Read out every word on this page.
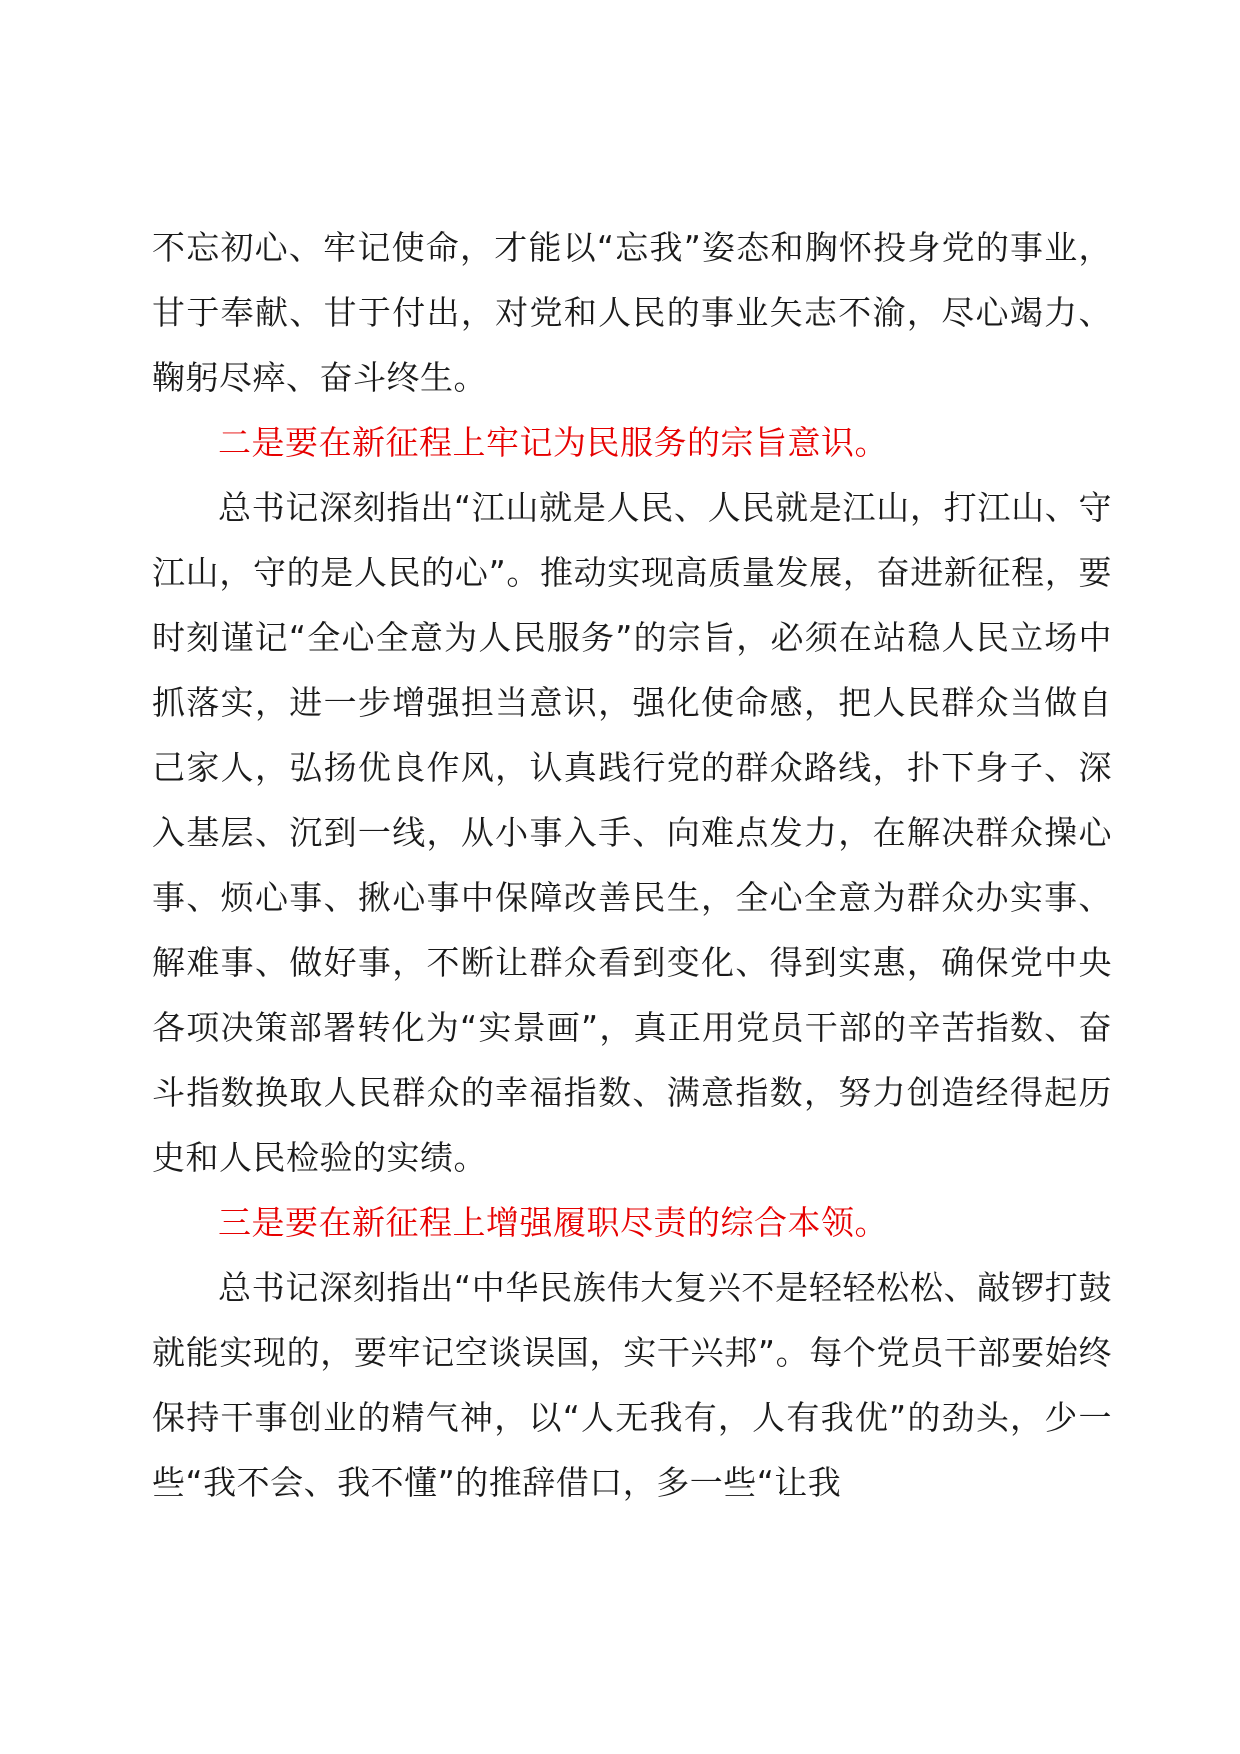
不忘初心、牢记使命，才能以“忘我”姿态和胸怀投身党的事业，甘于奉献、甘于付出，对党和人民的事业矢志不渝，尽心竭力、鞠躬尽瘁、奋斗终生。

二是要在新征程上牢记为民服务的宗旨意识。

总书记深刻指出“江山就是人民、人民就是江山，打江山、守江山，守的是人民的心”。推动实现高质量发展，奋进新征程，要时刻谨记“全心全意为人民服务”的宗旨，必须在站稳人民立场中抓落实，进一步增强担当意识，强化使命感，把人民群众当做自己家人，弘扬优良作风，认真践行党的群众路线，扑下身子、深入基层、沉到一线，从小事入手、向难点发力，在解决群众操心事、烦心事、揪心事中保障改善民生，全心全意为群众办实事、解难事、做好事，不断让群众看到变化、得到实惠，确保党中央各项决策部署转化为“实景画”，真正用党员干部的辛苦指数、奋斗指数换取人民群众的幸福指数、满意指数，努力创造经得起历史和人民检验的实绩。

三是要在新征程上增强履职尽责的综合本领。

总书记深刻指出“中华民族伟大复兴不是轻轻松松、敲锣打鼓就能实现的，要牢记空谈误国，实干兴邦”。每个党员干部要始终保持干事创业的精气神，以“人无我有，人有我优”的劲头，少一些“我不会、我不懂”的推辞借口，多一些“让我
